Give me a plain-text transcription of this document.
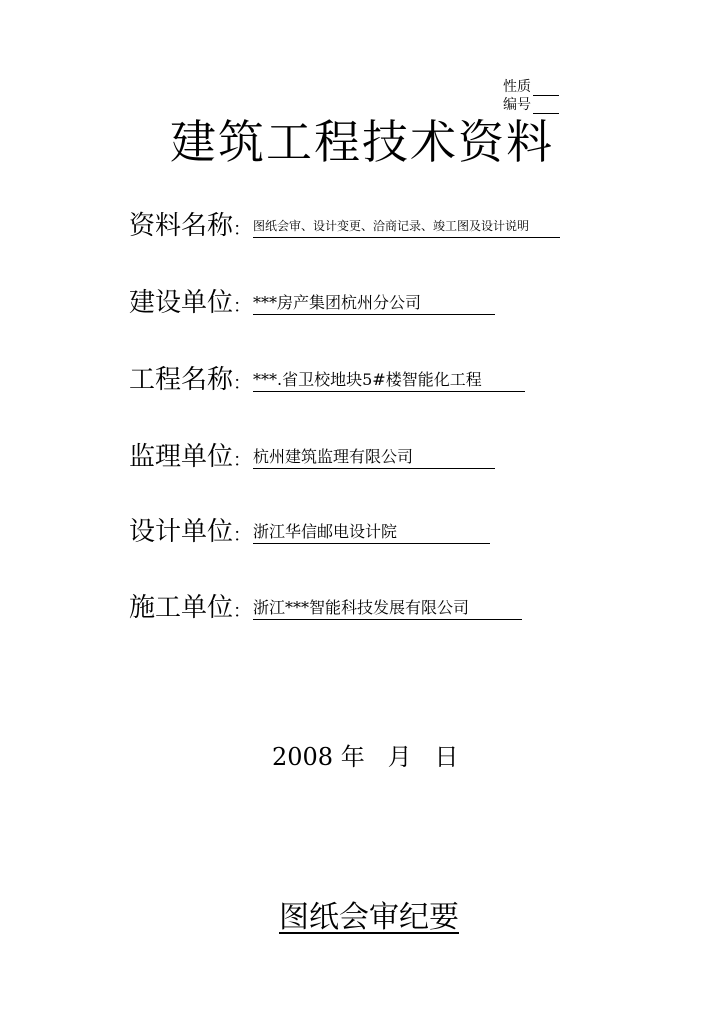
性质
编号
建筑工程技术资料
资料名称 ： 图纸会审、设计变更、洽商记录、竣工图及设计说明
建设单位 ： ***房产集团杭州分公司
工程名称 ： ***.省卫校地块5#楼智能化工程
监理单位 ： 杭州建筑监理有限公司
设计单位 ： 浙江华信邮电设计院
施工单位 ： 浙江***智能科技发展有限公司
2008 年   月   日
图纸会审纪要
